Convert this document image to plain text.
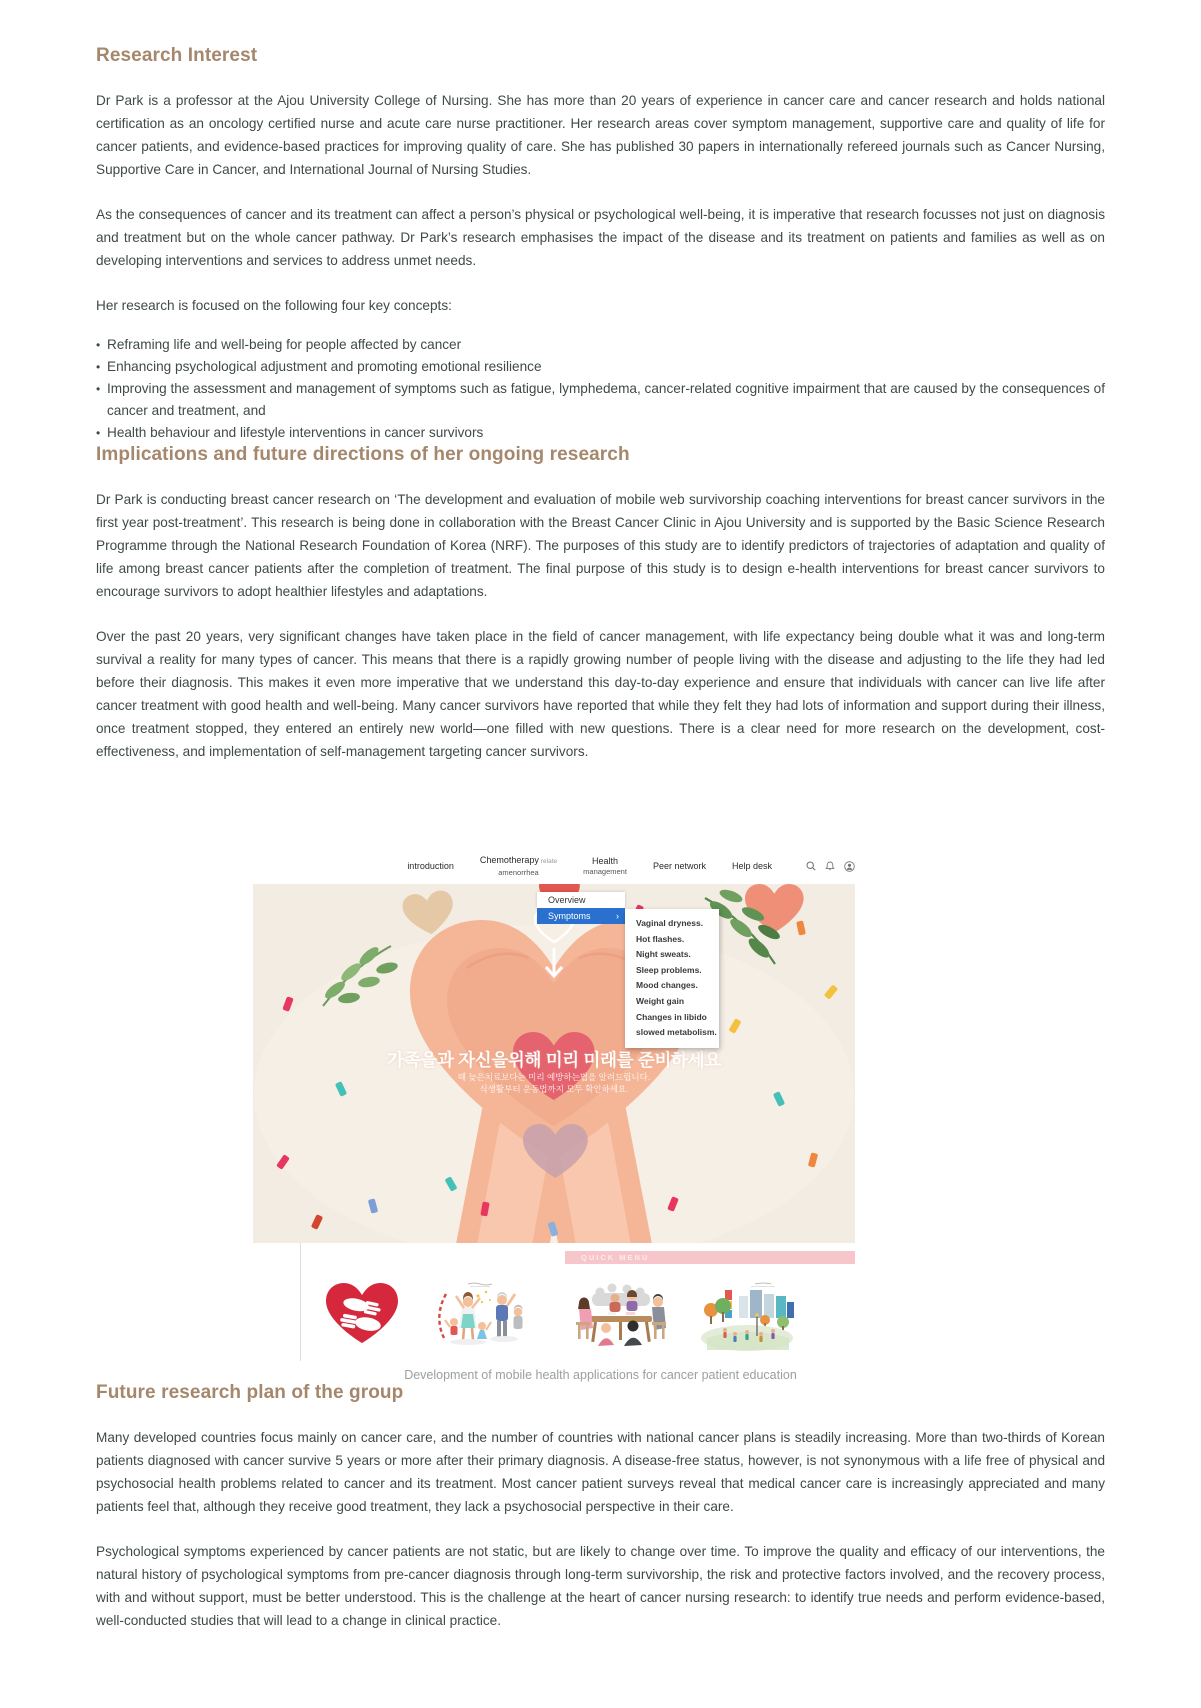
Research Interest

Dr Park is a professor at the Ajou University College of Nursing. She has more than 20 years of experience in cancer care and cancer research and holds national certification as an oncology certified nurse and acute care nurse practitioner. Her research areas cover symptom management, supportive care and quality of life for cancer patients, and evidence-based practices for improving quality of care. She has published 30 papers in internationally refereed journals such as Cancer Nursing, Supportive Care in Cancer, and International Journal of Nursing Studies.

As the consequences of cancer and its treatment can affect a person’s physical or psychological well-being, it is imperative that research focusses not just on diagnosis and treatment but on the whole cancer pathway. Dr Park’s research emphasises the impact of the disease and its treatment on patients and families as well as on developing interventions and services to address unmet needs.

Her research is focused on the following four key concepts:

• Reframing life and well-being for people affected by cancer
• Enhancing psychological adjustment and promoting emotional resilience
• Improving the assessment and management of symptoms such as fatigue, lymphedema, cancer-related cognitive impairment that are caused by the consequences of cancer and treatment, and
• Health behaviour and lifestyle interventions in cancer survivors
Implications and future directions of her ongoing research

Dr Park is conducting breast cancer research on ‘The development and evaluation of mobile web survivorship coaching interventions for breast cancer survivors in the first year post-treatment’. This research is being done in collaboration with the Breast Cancer Clinic in Ajou University and is supported by the Basic Science Research Programme through the National Research Foundation of Korea (NRF). The purposes of this study are to identify predictors of trajectories of adaptation and quality of life among breast cancer patients after the completion of treatment. The final purpose of this study is to design e-health interventions for breast cancer survivors to encourage survivors to adopt healthier lifestyles and adaptations.

Over the past 20 years, very significant changes have taken place in the field of cancer management, with life expectancy being double what it was and long-term survival a reality for many types of cancer. This means that there is a rapidly growing number of people living with the disease and adjusting to the life they had led before their diagnosis. This makes it even more imperative that we understand this day-to-day experience and ensure that individuals with cancer can live life after cancer treatment with good health and well-being. Many cancer survivors have reported that while they felt they had lots of information and support during their illness, once treatment stopped, they entered an entirely new world—one filled with new questions. There is a clear need for more research on the development, cost-effectiveness, and implementation of self-management targeting cancer survivors.

introduction
Chemotherapy relate
amenorrhea
Health
management	Peer network	Help desk
가족을과 자신을위해 미리 미래를 준비하세요
때 늦은치료보다는 미리 예방하는법을 알려드립니다.
식생활부터 운동법까지 모두 확인하세요.
Overview
Symptoms	›
Vaginal dryness.
Hot flashes.
Night sweats.
Sleep problems.
Mood changes.
Weight gain
Changes in libido
slowed metabolism.
QUICK MENU
Development of mobile health applications for cancer patient education
Future research plan of the group

Many developed countries focus mainly on cancer care, and the number of countries with national cancer plans is steadily increasing. More than two-thirds of Korean patients diagnosed with cancer survive 5 years or more after their primary diagnosis. A disease-free status, however, is not synonymous with a life free of physical and psychosocial health problems related to cancer and its treatment. Most cancer patient surveys reveal that medical cancer care is increasingly appreciated and many patients feel that, although they receive good treatment, they lack a psychosocial perspective in their care.

Psychological symptoms experienced by cancer patients are not static, but are likely to change over time. To improve the quality and efficacy of our interventions, the natural history of psychological symptoms from pre-cancer diagnosis through long-term survivorship, the risk and protective factors involved, and the recovery process, with and without support, must be better understood. This is the challenge at the heart of cancer nursing research: to identify true needs and perform evidence-based, well-conducted studies that will lead to a change in clinical practice.
